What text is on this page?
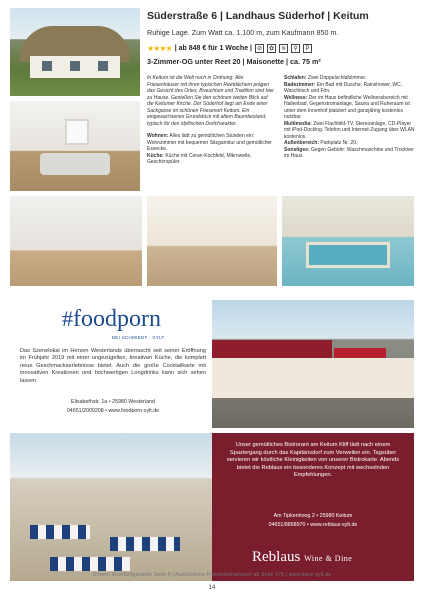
Süderstraße 6 | Landhaus Süderhof | Keitum
Ruhige Lage. Zum Watt ca. 1.100 m, zum Kaufmann 850 m.
★★★★ | ab 848 € für 1 Woche | ⊘	✿	≋	⚲	P
3-Zimmer-OG unter Reet 20 | Maisonette | ca. 75 m²
In Keitum ist die Welt noch in Ordnung: Alte Friesenhäuser mit ihren typischen Reetdächern prägen das Gesicht des Ortes, Brauchtum und Tradition sind hier zu Hause. Genießen Sie den schönen weiten Blick auf die Keitumer Kirche. Der Süderhof liegt am Ende einer Sackgasse im schönen Friesenort Keitum. Ein eingewachsenes Grundstück mit altem Baumbestand, typisch für den idyllischen Dorfcharakter.
Wohnen: Alles lädt zu gemütlichen Stunden ein: Wohnzimmer mit bequemer Sitzgarnitur und gemütlicher Essecke.
Küche: Küche mit Ceran-Kochfeld, Mikrowelle, Geschirrspüler.
Schlafen: Zwei Doppelschlafzimmer.
Badezimmer: Ein Bad mit Dusche, Rainshower, WC, Waschtisch und Fön.
Wellness: Der im Haus befindliche Wellnessbereich mit Hallenbad, Gegenstromanlage, Sauna und Ruheraum ist unter dem Innenhof platziert und ganzjährig kostenlos nutzbar.
Multimedia: Zwei Flachbild-TV, Stereoanlage, CD-Player mit iPod-Docking. Telefon und Internet-Zugang über WLAN kostenlos.
Außenbereich: Parkplatz Nr. 20.
Sonstiges: Gegen Gebühr: Waschmaschine und Trockner im Haus.
#foodporn
BEI SCHMIEDT · SYLT
Das Szenelokal im Herzen Westerlands überrascht seit seiner Eröffnung im Frühjahr 2019 mit einer ungezügelten, kreativen Küche, die komplett neue Geschmackserlebnisse bietet. Auch die große Cocktailkarte mit innovativen Kreationen und hochwertigen Longdrinks kann sich sehen lassen.
Elisabethstr. 1a • 25980 Westerland
04651/2009208 • www.foodporn-sylt.de
Unser gemütliches Bistrorant am Keitum Kliff lädt nach einem Spaziergang durch das Kapitänsdorf zum Verweilen ein. Tagsüber servieren wir köstliche Kleinigkeiten von unserer Bistrokarte. Abends bietet die Reblaus ein besonderes Konzept mit wechselnden Empfehlungen.
Am Tipkenhoog 2 • 25980 Keitum
04651/8868970 • www.reblaus-sylt.de
Reblaus Wine & Dine
Unsere Wohlfühlgarantie Seite 5 | Ausführliche Preisinformationen ab Seite 175 | www.baire-sylt.de
14
